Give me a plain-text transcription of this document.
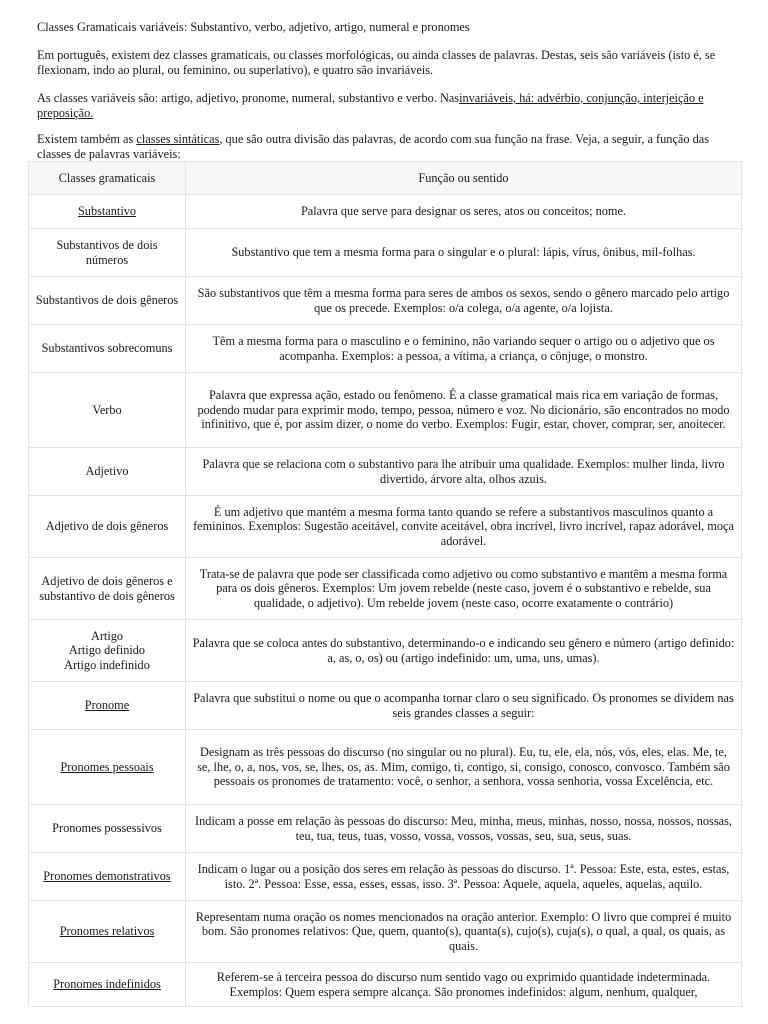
Classes Gramaticais variáveis: Substantivo, verbo, adjetivo, artigo, numeral e pronomes

Em português, existem dez classes gramaticais, ou classes morfológicas, ou ainda classes de palavras. Destas, seis são variáveis (isto é, se flexionam, indo ao plural, ou feminino, ou superlativo), e quatro são invariáveis.

As classes variáveis são: artigo, adjetivo, pronome, numeral, substantivo e verbo. Nasinvariáveis, há: advérbio, conjunção, interjeição e preposição.

Existem também as classes sintáticas, que são outra divisão das palavras, de acordo com sua função na frase. Veja, a seguir, a função das classes de palavras variáveis:

Classes gramaticais	Função ou sentido
Substantivo	Palavra que serve para designar os seres, atos ou conceitos; nome.
Substantivos de dois números	Substantivo que tem a mesma forma para o singular e o plural: lápis, vírus, ônibus, mil-folhas.
Substantivos de dois gêneros	São substantivos que têm a mesma forma para seres de ambos os sexos, sendo o gênero marcado pelo artigo que os precede. Exemplos: o/a colega, o/a agente, o/a lojista.
Substantivos sobrecomuns	Têm a mesma forma para o masculino e o feminino, não variando sequer o artigo ou o adjetivo que os acompanha. Exemplos: a pessoa, a vítima, a criança, o cônjuge, o monstro.
Verbo	Palavra que expressa ação, estado ou fenômeno. É a classe gramatical mais rica em variação de formas, podendo mudar para exprimir modo, tempo, pessoa, número e voz. No dicionário, são encontrados no modo infinitivo, que é, por assim dizer, o nome do verbo. Exemplos: Fugir, estar, chover, comprar, ser, anoitecer.
Adjetivo	Palavra que se relaciona com o substantivo para lhe atribuir uma qualidade. Exemplos: mulher linda, livro divertido, árvore alta, olhos azuis.
Adjetivo de dois gêneros	É um adjetivo que mantém a mesma forma tanto quando se refere a substantivos masculinos quanto a femininos. Exemplos: Sugestão aceitável, convite aceitável, obra incrível, livro incrível, rapaz adorável, moça adorável.
Adjetivo de dois gêneros e substantivo de dois gêneros	Trata-se de palavra que pode ser classificada como adjetivo ou como substantivo e mantêm a mesma forma para os dois gêneros. Exemplos: Um jovem rebelde (neste caso, jovem é o substantivo e rebelde, sua qualidade, o adjetivo). Um rebelde jovem (neste caso, ocorre exatamente o contrário)
Artigo
Artigo definido
Artigo indefinido	Palavra que se coloca antes do substantivo, determinando-o e indicando seu gênero e número (artigo definido: a, as, o, os) ou (artigo indefinido: um, uma, uns, umas).
Pronome	Palavra que substitui o nome ou que o acompanha tornar claro o seu significado. Os pronomes se dividem nas seis grandes classes a seguir:
Pronomes pessoais	Designam as três pessoas do discurso (no singular ou no plural). Eu, tu, ele, ela, nós, vós, eles, elas. Me, te, se, lhe, o, a, nos, vos, se, lhes, os, as. Mim, comigo, ti, contigo, si, consigo, conosco, convosco. Também são pessoais os pronomes de tratamento: você, o senhor, a senhora, vossa senhoria, vossa Excelência, etc.
Pronomes possessivos	Indicam a posse em relação às pessoas do discurso: Meu, minha, meus, minhas, nosso, nossa, nossos, nossas, teu, tua, teus, tuas, vosso, vossa, vossos, vossas, seu, sua, seus, suas.
Pronomes demonstrativos	Indicam o lugar ou a posição dos seres em relação às pessoas do discurso. 1ª. Pessoa: Este, esta, estes, estas, isto. 2ª. Pessoa: Esse, essa, esses, essas, isso. 3ª. Pessoa: Aquele, aquela, aqueles, aquelas, aquilo.
Pronomes relativos	Representam numa oração os nomes mencionados na oração anterior. Exemplo: O livro que comprei é muito bom. São pronomes relativos: Que, quem, quanto(s), quanta(s), cujo(s), cuja(s), o qual, a qual, os quais, as quais.
Pronomes indefinidos	Referem-se à terceira pessoa do discurso num sentido vago ou exprimido quantidade indeterminada. Exemplos: Quem espera sempre alcança. São pronomes indefinidos: algum, nenhum, qualquer,
